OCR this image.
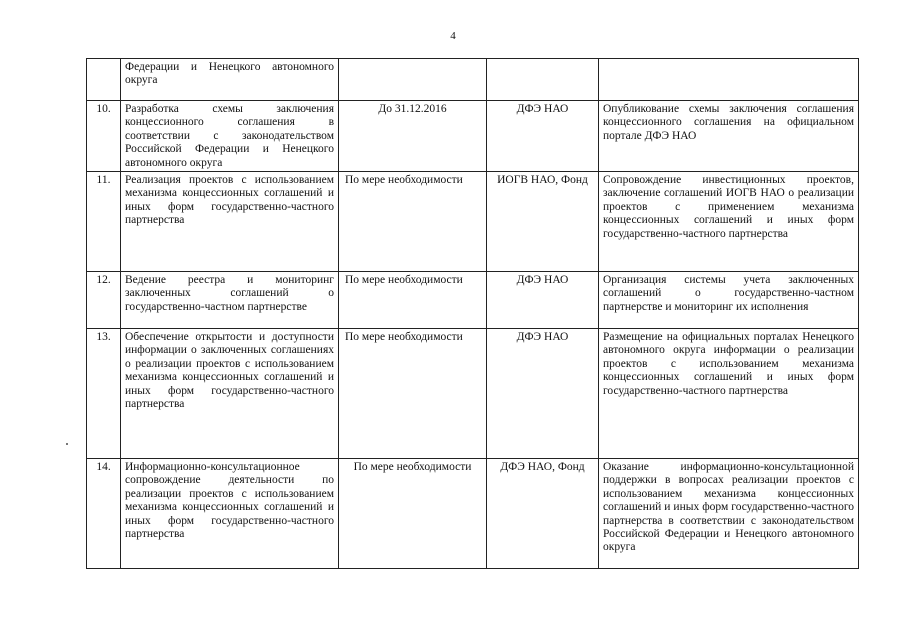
4
	Федерации и Ненецкого автономного округа			
10.	Разработка схемы заключения концессионного соглашения в соответствии с законодательством Российской Федерации и Ненецкого автономного округа	До 31.12.2016	ДФЭ НАО	Опубликование схемы заключения соглашения концессионного соглашения на официальном портале ДФЭ НАО
11.	Реализация проектов с использованием механизма концессионных соглашений и иных форм государственно-частного партнерства	По мере необходимости	ИОГВ НАО, Фонд	Сопровождение инвестиционных проектов, заключение соглашений ИОГВ НАО о реализации проектов с применением механизма концессионных соглашений и иных форм государственно-частного партнерства
12.	Ведение реестра и мониторинг заключенных соглашений о государственно-частном партнерстве	По мере необходимости	ДФЭ НАО	Организация системы учета заключенных соглашений о государственно-частном партнерстве и мониторинг их исполнения
13.	Обеспечение открытости и доступности информации о заключенных соглашениях о реализации проектов с использованием механизма концессионных соглашений и иных форм государственно-частного партнерства	По мере необходимости	ДФЭ НАО	Размещение на официальных порталах Ненецкого автономного округа информации о реализации проектов с использованием механизма концессионных соглашений и иных форм государственно-частного партнерства
14.	Информационно-консультационное сопровождение деятельности по реализации проектов с использованием механизма концессионных соглашений и иных форм государственно-частного партнерства	По мере необходимости	ДФЭ НАО, Фонд	Оказание информационно-консультационной поддержки в вопросах реализации проектов с использованием механизма концессионных соглашений и иных форм государственно-частного партнерства в соответствии с законодательством Российской Федерации и Ненецкого автономного округа
